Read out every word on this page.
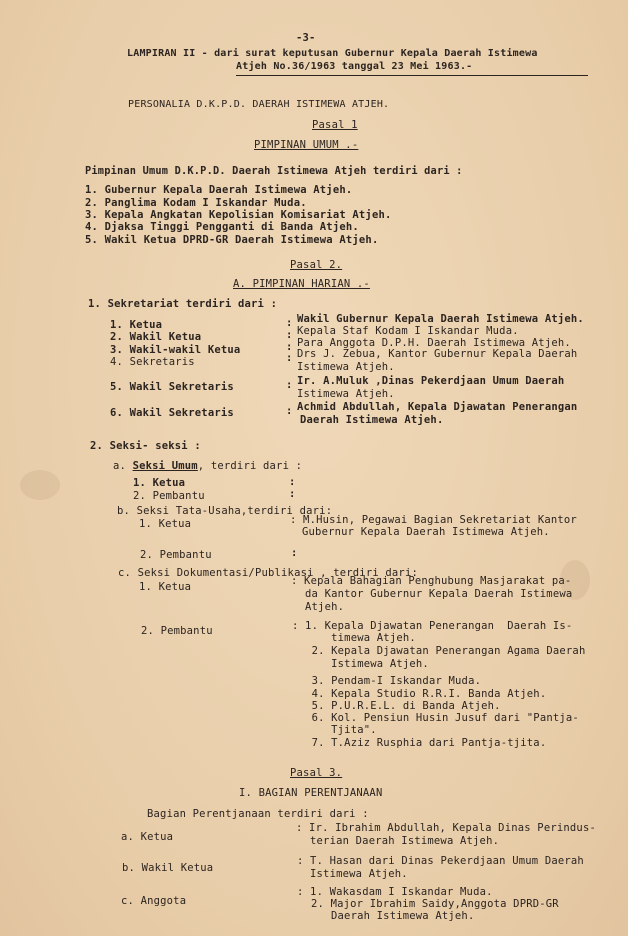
-3-
LAMPIRAN II - dari surat keputusan Gubernur Kepala Daerah Istimewa
Atjeh No.36/1963 tanggal 23 Mei 1963.-
PERSONALIA D.K.P.D. DAERAH ISTIMEWA ATJEH.
Pasal 1
PIMPINAN UMUM .-
Pimpinan Umum D.K.P.D. Daerah Istimewa Atjeh terdiri dari :
1. Gubernur Kepala Daerah Istimewa Atjeh.
2. Panglima Kodam I Iskandar Muda.
3. Kepala Angkatan Kepolisian Komisariat Atjeh.
4. Djaksa Tinggi Pengganti di Banda Atjeh.
5. Wakil Ketua DPRD-GR Daerah Istimewa Atjeh.
Pasal 2.
A. PIMPINAN HARIAN .-
1. Sekretariat terdiri dari :
1. Ketua	: Wakil Gubernur Kepala Daerah Istimewa Atjeh.
2. Wakil Ketua	: Kepala Staf Kodam I Iskandar Muda.
3. Wakil-wakil Ketua	: Para Anggota D.P.H. Daerah Istimewa Atjeh.
4. Sekretaris	: Drs J. Zebua, Kantor Gubernur Kepala Daerah
Istimewa Atjeh.
5. Wakil Sekretaris	: Ir. A.Muluk ,Dinas Pekerdjaan Umum Daerah
Istimewa Atjeh.
6. Wakil Sekretaris	: Achmid Abdullah, Kepala Djawatan Penerangan
Daerah Istimewa Atjeh.
2. Seksi- seksi :
a. Seksi Umum, terdiri dari :
1. Ketua	:
2. Pembantu	:
b. Seksi Tata-Usaha,terdiri dari:
1. Ketua	: M.Husin, Pegawai Bagian Sekretariat Kantor
Gubernur Kepala Daerah Istimewa Atjeh.
2. Pembantu	:
c. Seksi Dokumentasi/Publikasi , terdiri dari:
1. Ketua	: Kepala Bahagian Penghubung Masjarakat pa-
da Kantor Gubernur Kepala Daerah Istimewa
Atjeh.
2. Pembantu	: 1. Kepala Djawatan Penerangan  Daerah Is-
timewa Atjeh.
2. Kepala Djawatan Penerangan Agama Daerah
Istimewa Atjeh.
3. Pendam-I Iskandar Muda.
4. Kepala Studio R.R.I. Banda Atjeh.
5. P.U.R.E.L. di Banda Atjeh.
6. Kol. Pensiun Husin Jusuf dari "Pantja-
Tjita".
7. T.Aziz Rusphia dari Pantja-tjita.
Pasal 3.
I. BAGIAN PERENTJANAAN
Bagian Perentjanaan terdiri dari :
a. Ketua
: Ir. Ibrahim Abdullah, Kepala Dinas Perindus-
terian Daerah Istimewa Atjeh.
b. Wakil Ketua
: T. Hasan dari Dinas Pekerdjaan Umum Daerah
Istimewa Atjeh.
c. Anggota
: 1. Wakasdam I Iskandar Muda.
2. Major Ibrahim Saidy,Anggota DPRD-GR
Daerah Istimewa Atjeh.
